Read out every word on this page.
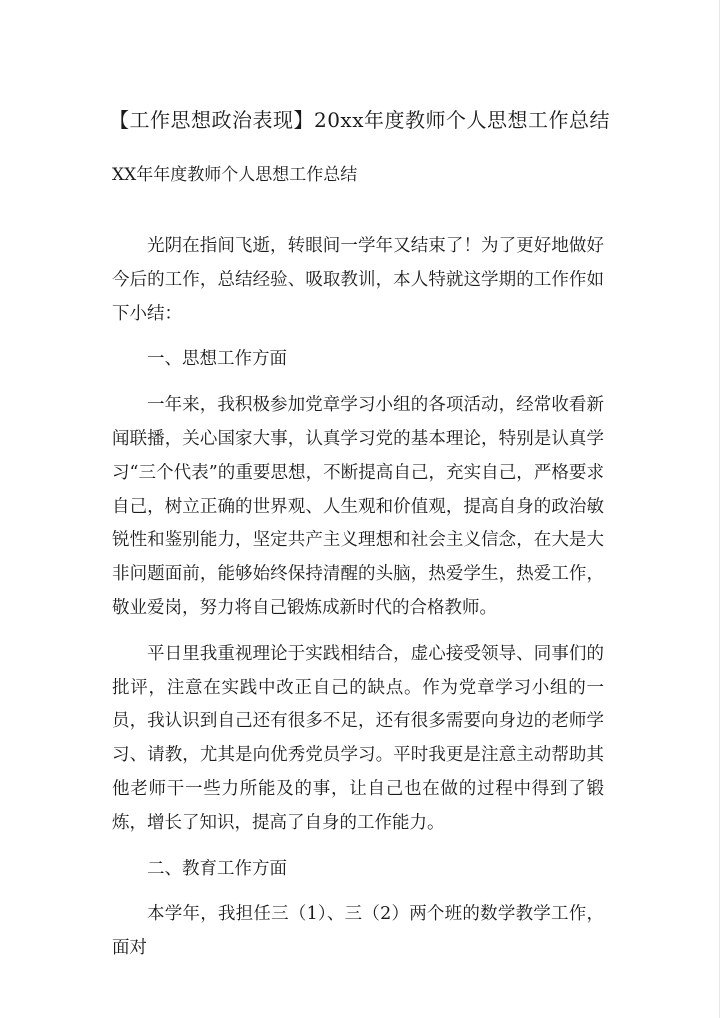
【工作思想政治表现】20xx年度教师个人思想工作总结
XX年年度教师个人思想工作总结

光阴在指间飞逝，转眼间一学年又结束了！为了更好地做好今后的工作，总结经验、吸取教训，本人特就这学期的工作作如下小结：

一、思想工作方面

一年来，我积极参加党章学习小组的各项活动，经常收看新闻联播，关心国家大事，认真学习党的基本理论，特别是认真学习“三个代表”的重要思想，不断提高自己，充实自己，严格要求自己，树立正确的世界观、人生观和价值观，提高自身的政治敏锐性和鉴别能力，坚定共产主义理想和社会主义信念，在大是大非问题面前，能够始终保持清醒的头脑，热爱学生，热爱工作，敬业爱岗，努力将自己锻炼成新时代的合格教师。

平日里我重视理论于实践相结合，虚心接受领导、同事们的批评，注意在实践中改正自己的缺点。作为党章学习小组的一员，我认识到自己还有很多不足，还有很多需要向身边的老师学习、请教，尤其是向优秀党员学习。平时我更是注意主动帮助其他老师干一些力所能及的事，让自己也在做的过程中得到了锻炼，增长了知识，提高了自身的工作能力。

二、教育工作方面

本学年，我担任三（1）、三（2）两个班的数学教学工作，面对
